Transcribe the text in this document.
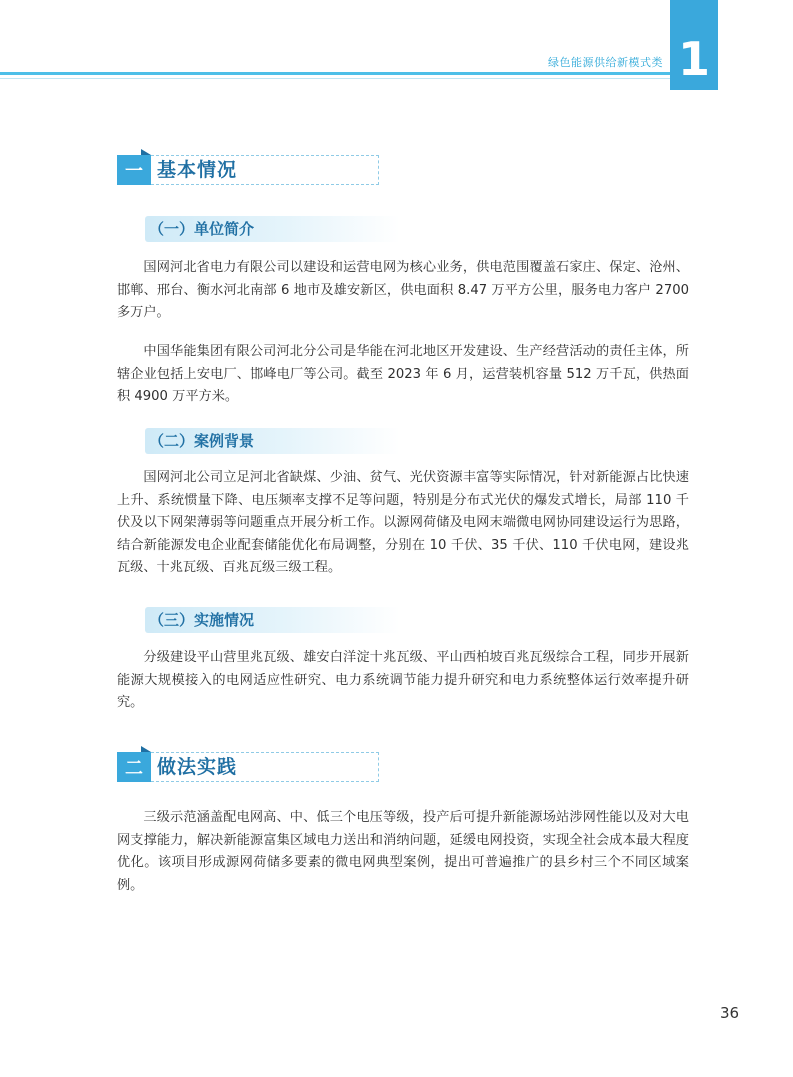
绿色能源供给新模式类 1
一 基本情况
（一）单位简介

国网河北省电力有限公司以建设和运营电网为核心业务，供电范围覆盖石家庄、保定、沧州、邯郸、邢台、衡水河北南部 6 地市及雄安新区，供电面积 8.47 万平方公里，服务电力客户 2700 多万户。

中国华能集团有限公司河北分公司是华能在河北地区开发建设、生产经营活动的责任主体，所辖企业包括上安电厂、邯峰电厂等公司。截至 2023 年 6 月，运营装机容量 512 万千瓦，供热面积 4900 万平方米。

（二）案例背景

国网河北公司立足河北省缺煤、少油、贫气、光伏资源丰富等实际情况，针对新能源占比快速上升、系统惯量下降、电压频率支撑不足等问题，特别是分布式光伏的爆发式增长，局部 110 千伏及以下网架薄弱等问题重点开展分析工作。以源网荷储及电网末端微电网协同建设运行为思路，结合新能源发电企业配套储能优化布局调整，分别在 10 千伏、35 千伏、110 千伏电网，建设兆瓦级、十兆瓦级、百兆瓦级三级工程。

（三）实施情况

分级建设平山营里兆瓦级、雄安白洋淀十兆瓦级、平山西柏坡百兆瓦级综合工程，同步开展新能源大规模接入的电网适应性研究、电力系统调节能力提升研究和电力系统整体运行效率提升研究。

二 做法实践

三级示范涵盖配电网高、中、低三个电压等级，投产后可提升新能源场站涉网性能以及对大电网支撑能力，解决新能源富集区域电力送出和消纳问题，延缓电网投资，实现全社会成本最大程度优化。该项目形成源网荷储多要素的微电网典型案例，提出可普遍推广的县乡村三个不同区域案例。

36
